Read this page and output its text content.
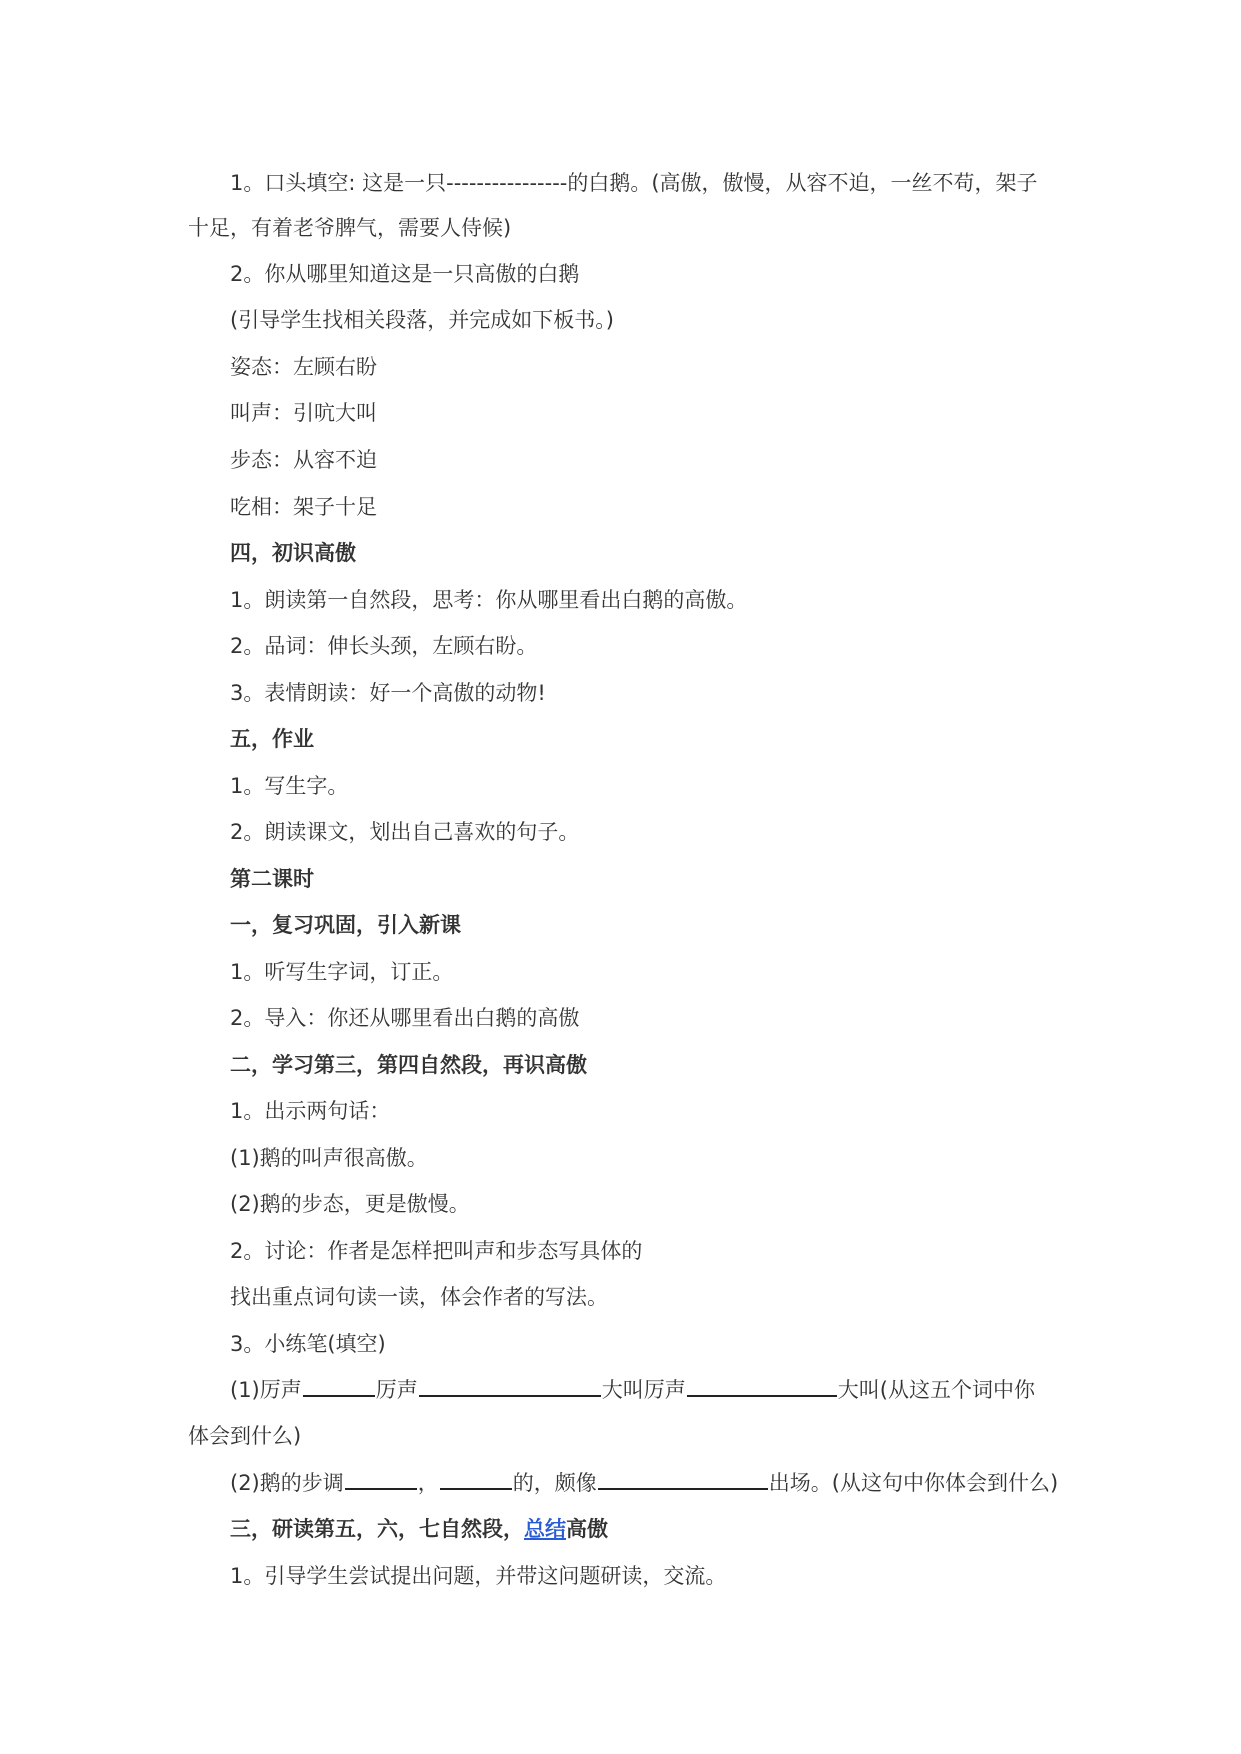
1。口头填空: 这是一只----------------的白鹅。(高傲，傲慢，从容不迫，一丝不苟，架子
十足，有着老爷脾气，需要人侍候)
2。你从哪里知道这是一只高傲的白鹅
(引导学生找相关段落，并完成如下板书。)
姿态：左顾右盼
叫声：引吭大叫
步态：从容不迫
吃相：架子十足
四，初识高傲
1。朗读第一自然段，思考：你从哪里看出白鹅的高傲。
2。品词：伸长头颈，左顾右盼。
3。表情朗读：好一个高傲的动物!
五，作业
1。写生字。
2。朗读课文，划出自己喜欢的句子。
第二课时
一，复习巩固，引入新课
1。听写生字词，订正。
2。导入：你还从哪里看出白鹅的高傲
二，学习第三，第四自然段，再识高傲
1。出示两句话：
(1)鹅的叫声很高傲。
(2)鹅的步态，更是傲慢。
2。讨论：作者是怎样把叫声和步态写具体的
找出重点词句读一读，体会作者的写法。
3。小练笔(填空)
(1)厉声	厉声	大叫厉声	大叫(从这五个词中你
体会到什么)
(2)鹅的步调	，	的，颇像	出场。(从这句中你体会到什么)
三，研读第五，六，七自然段，总结高傲
1。引导学生尝试提出问题，并带这问题研读，交流。
